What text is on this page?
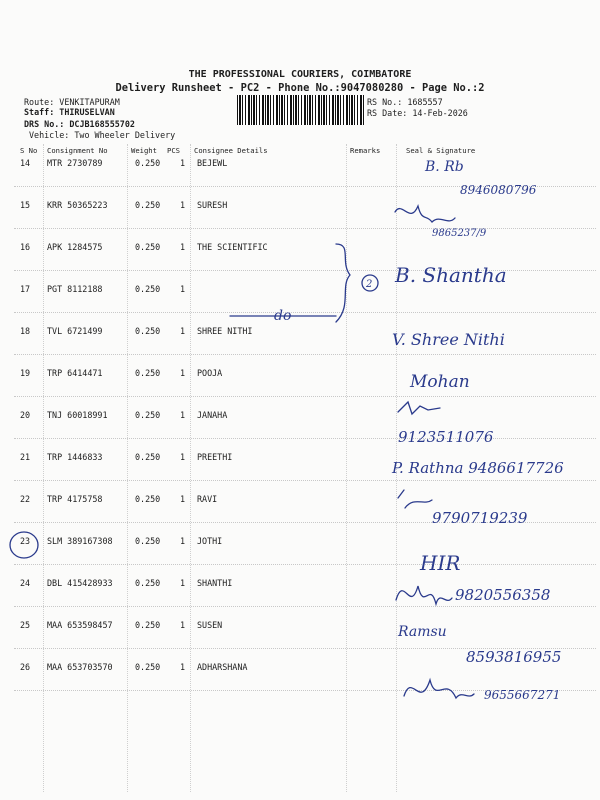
THE PROFESSIONAL COURIERS, COIMBATORE
Delivery Runsheet - PC2 - Phone No.:9047080280 - Page No.:2
Route: VENKITAPURAM
Staff: THIRUSELVAN
DRS No.: DCJB168555702
Vehicle: Two Wheeler Delivery
RS No.: 1685557
RS Date: 14-Feb-2026
S No Consignment No	Weight PCS Consignee Details	Remarks	Seal & Signature
14 MTR 2730789	0.250 1 BEJEWL
15 KRR 50365223	0.250 1 SURESH
16 APK 1284575	0.250 1 THE SCIENTIFIC
17 PGT 8112188	0.250 1
18 TVL 6721499	0.250 1 SHREE NITHI
19 TRP 6414471	0.250 1 POOJA
20 TNJ 60018991	0.250 1 JANAHA
21 TRP 1446833	0.250 1 PREETHI
22 TRP 4175758	0.250 1 RAVI
23 SLM 389167308	0.250 1 JOTHI
24 DBL 415428933	0.250 1 SHANTHI
25 MAA 653598457	0.250 1 SUSEN
26 MAA 653703570	0.250 1 ADHARSHANA
B. Rb
8946080796
9865237/9
B. Shantha
2
—do—
V. Shree Nithi
Mohan
9123511076
P. Rathna 9486617726
9790719239
HIR
9820556358
Ramsu
8593816955
9655667271
